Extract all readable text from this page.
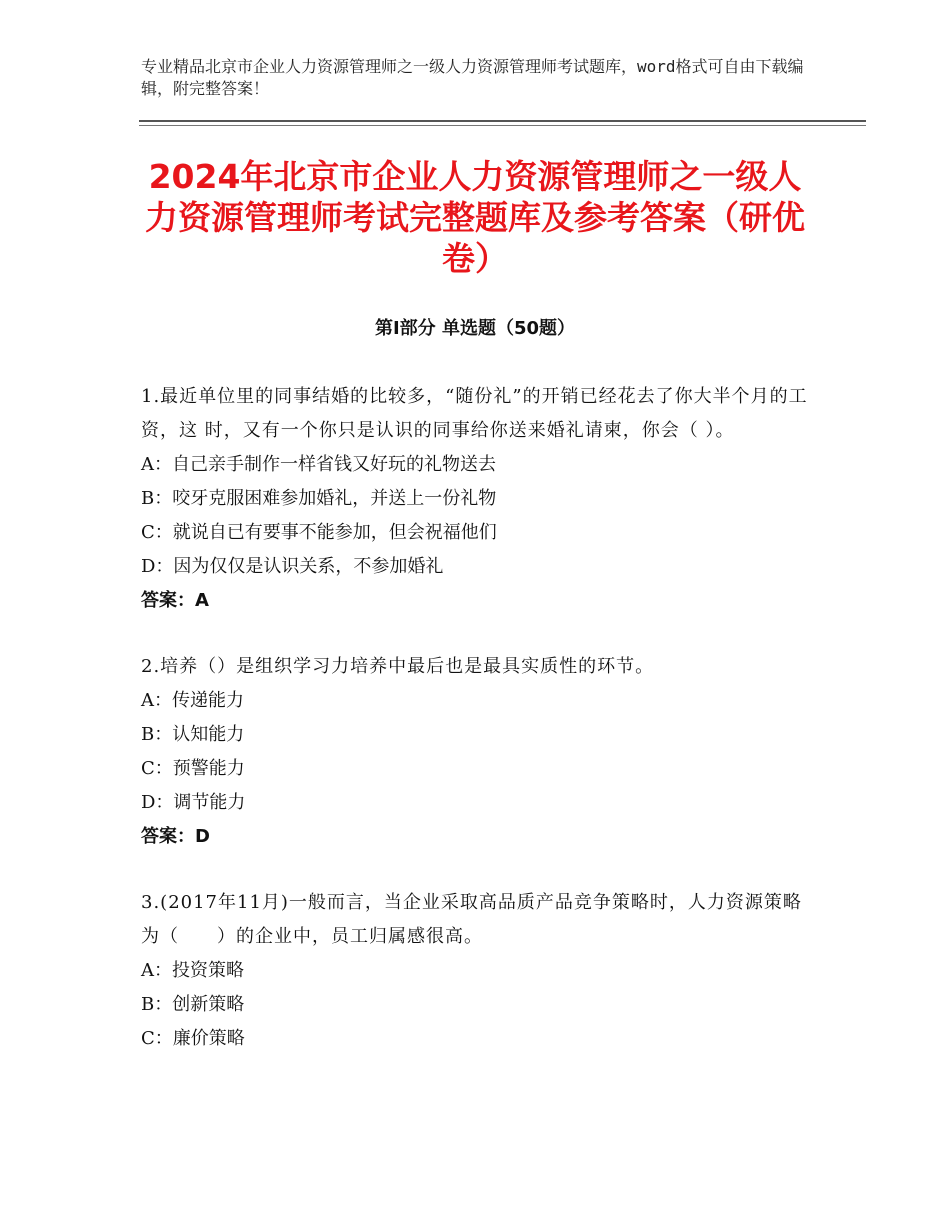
专业精品北京市企业人力资源管理师之一级人力资源管理师考试题库，word格式可自由下载编辑，附完整答案！
2024年北京市企业人力资源管理师之一级人力资源管理师考试完整题库及参考答案（研优卷）
第Ⅰ部分 单选题（50题）
1.最近单位里的同事结婚的比较多，“随份礼”的开销已经花去了你大半个月的工资，这 时，又有一个你只是认识的同事给你送来婚礼请柬，你会（ ）。
A：自己亲手制作一样省钱又好玩的礼物送去
B：咬牙克服困难参加婚礼，并送上一份礼物
C：就说自已有要事不能参加，但会祝福他们
D：因为仅仅是认识关系，不参加婚礼
答案：A
2.培养（）是组织学习力培养中最后也是最具实质性的环节。
A：传递能力
B：认知能力
C：预警能力
D：调节能力
答案：D
3.(2017年11月)一般而言，当企业采取高品质产品竞争策略时，人力资源策略为（　　）的企业中，员工归属感很高。
A：投资策略
B：创新策略
C：廉价策略
